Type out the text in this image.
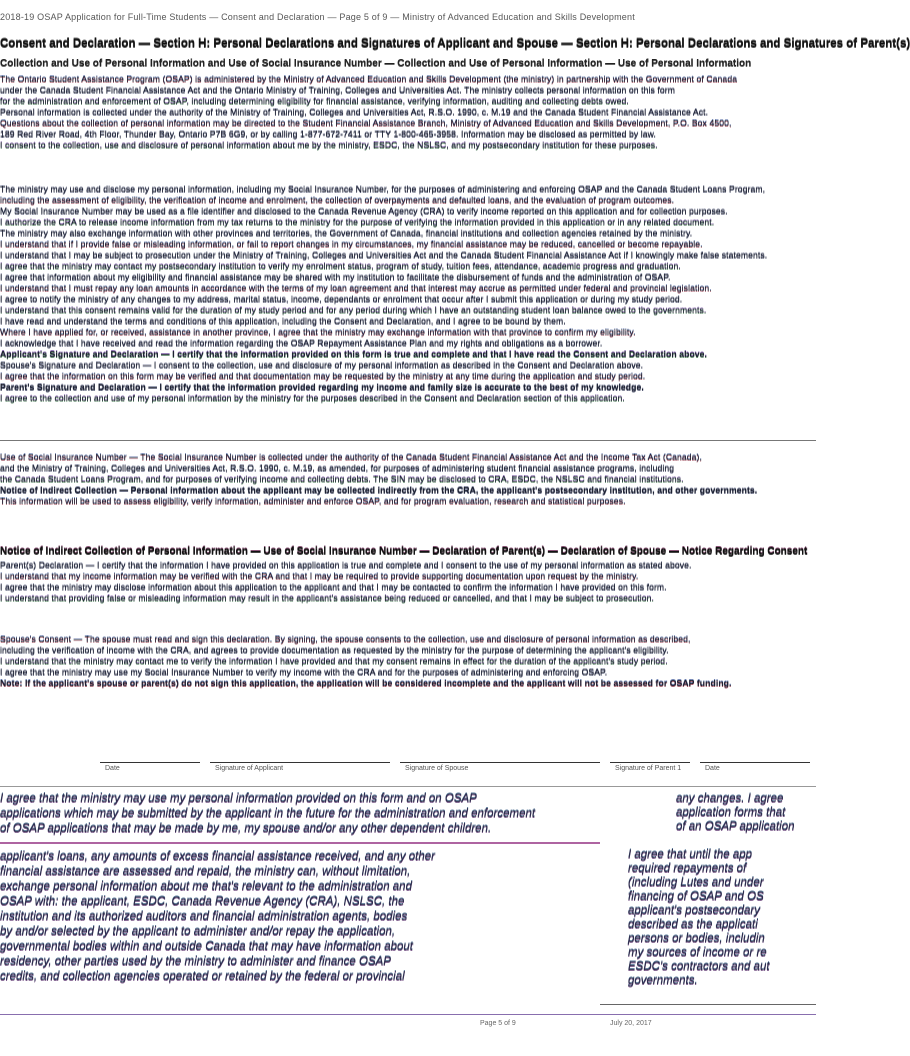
2018-19 OSAP Application for Full-Time Students — Consent and Declaration — Page 5 of 9 — Ministry of Advanced Education and Skills Development
Consent and Declaration — Section H: Personal Declarations and Signatures of Applicant and Spouse — Section H: Personal Declarations and Signatures of Parent(s)
Collection and Use of Personal Information and Use of Social Insurance Number — Collection and Use of Personal Information — Use of Personal Information
The Ontario Student Assistance Program (OSAP) is administered by the Ministry of Advanced Education and Skills Development (the ministry) in partnership with the Government of Canada
under the Canada Student Financial Assistance Act and the Ontario Ministry of Training, Colleges and Universities Act. The ministry collects personal information on this form
for the administration and enforcement of OSAP, including determining eligibility for financial assistance, verifying information, auditing and collecting debts owed.
Personal information is collected under the authority of the Ministry of Training, Colleges and Universities Act, R.S.O. 1990, c. M.19 and the Canada Student Financial Assistance Act.
Questions about the collection of personal information may be directed to the Student Financial Assistance Branch, Ministry of Advanced Education and Skills Development, P.O. Box 4500,
189 Red River Road, 4th Floor, Thunder Bay, Ontario P7B 6G9, or by calling 1-877-672-7411 or TTY 1-800-465-3958. Information may be disclosed as permitted by law.
I consent to the collection, use and disclosure of personal information about me by the ministry, ESDC, the NSLSC, and my postsecondary institution for these purposes.
The ministry may use and disclose my personal information, including my Social Insurance Number, for the purposes of administering and enforcing OSAP and the Canada Student Loans Program,
including the assessment of eligibility, the verification of income and enrolment, the collection of overpayments and defaulted loans, and the evaluation of program outcomes.
My Social Insurance Number may be used as a file identifier and disclosed to the Canada Revenue Agency (CRA) to verify income reported on this application and for collection purposes.
I authorize the CRA to release income information from my tax returns to the ministry for the purpose of verifying the information provided in this application or in any related document.
The ministry may also exchange information with other provinces and territories, the Government of Canada, financial institutions and collection agencies retained by the ministry.
I understand that if I provide false or misleading information, or fail to report changes in my circumstances, my financial assistance may be reduced, cancelled or become repayable.
I understand that I may be subject to prosecution under the Ministry of Training, Colleges and Universities Act and the Canada Student Financial Assistance Act if I knowingly make false statements.
I agree that the ministry may contact my postsecondary institution to verify my enrolment status, program of study, tuition fees, attendance, academic progress and graduation.
I agree that information about my eligibility and financial assistance may be shared with my institution to facilitate the disbursement of funds and the administration of OSAP.
I understand that I must repay any loan amounts in accordance with the terms of my loan agreement and that interest may accrue as permitted under federal and provincial legislation.
I agree to notify the ministry of any changes to my address, marital status, income, dependants or enrolment that occur after I submit this application or during my study period.
I understand that this consent remains valid for the duration of my study period and for any period during which I have an outstanding student loan balance owed to the governments.
I have read and understand the terms and conditions of this application, including the Consent and Declaration, and I agree to be bound by them.
Where I have applied for, or received, assistance in another province, I agree that the ministry may exchange information with that province to confirm my eligibility.
I acknowledge that I have received and read the information regarding the OSAP Repayment Assistance Plan and my rights and obligations as a borrower.
Applicant's Signature and Declaration — I certify that the information provided on this form is true and complete and that I have read the Consent and Declaration above.
Spouse's Signature and Declaration — I consent to the collection, use and disclosure of my personal information as described in the Consent and Declaration above.
I agree that the information on this form may be verified and that documentation may be requested by the ministry at any time during the application and study period.
Parent's Signature and Declaration — I certify that the information provided regarding my income and family size is accurate to the best of my knowledge.
I agree to the collection and use of my personal information by the ministry for the purposes described in the Consent and Declaration section of this application.
Use of Social Insurance Number — The Social Insurance Number is collected under the authority of the Canada Student Financial Assistance Act and the Income Tax Act (Canada),
and the Ministry of Training, Colleges and Universities Act, R.S.O. 1990, c. M.19, as amended, for purposes of administering student financial assistance programs, including
the Canada Student Loans Program, and for purposes of verifying income and collecting debts. The SIN may be disclosed to CRA, ESDC, the NSLSC and financial institutions.
Notice of Indirect Collection — Personal information about the applicant may be collected indirectly from the CRA, the applicant's postsecondary institution, and other governments.
This information will be used to assess eligibility, verify information, administer and enforce OSAP, and for program evaluation, research and statistical purposes.
Notice of Indirect Collection of Personal Information — Use of Social Insurance Number — Declaration of Parent(s) — Declaration of Spouse — Notice Regarding Consent
Parent(s) Declaration — I certify that the information I have provided on this application is true and complete and I consent to the use of my personal information as stated above.
I understand that my income information may be verified with the CRA and that I may be required to provide supporting documentation upon request by the ministry.
I agree that the ministry may disclose information about this application to the applicant and that I may be contacted to confirm the information I have provided on this form.
I understand that providing false or misleading information may result in the applicant's assistance being reduced or cancelled, and that I may be subject to prosecution.
Spouse's Consent — The spouse must read and sign this declaration. By signing, the spouse consents to the collection, use and disclosure of personal information as described,
including the verification of income with the CRA, and agrees to provide documentation as requested by the ministry for the purpose of determining the applicant's eligibility.
I understand that the ministry may contact me to verify the information I have provided and that my consent remains in effect for the duration of the applicant's study period.
I agree that the ministry may use my Social Insurance Number to verify my income with the CRA and for the purposes of administering and enforcing OSAP.
Note: If the applicant's spouse or parent(s) do not sign this application, the application will be considered incomplete and the applicant will not be assessed for OSAP funding.
Date	Signature of Applicant	Signature of Spouse	Signature of Parent 1	Date
I agree that the ministry may use my personal information provided on this form and on OSAP
applications which may be submitted by the applicant in the future for the administration and enforcement
of OSAP applications that may be made by me, my spouse and/or any other dependent children.
any changes. I agree
application forms that
of an OSAP application
applicant's loans, any amounts of excess financial assistance received, and any other
financial assistance are assessed and repaid, the ministry can, without limitation,
exchange personal information about me that's relevant to the administration and
OSAP with: the applicant, ESDC, Canada Revenue Agency (CRA), NSLSC, the
institution and its authorized auditors and financial administration agents, bodies
by and/or selected by the applicant to administer and/or repay the application,
governmental bodies within and outside Canada that may have information about
residency, other parties used by the ministry to administer and finance OSAP
credits, and collection agencies operated or retained by the federal or provincial
I agree that until the app
required repayments of
(including Lutes and under
financing of OSAP and OS
applicant's postsecondary
described as the applicati
persons or bodies, includin
my sources of income or re
ESDC's contractors and aut
governments.
Page 5 of 9	July 20, 2017
